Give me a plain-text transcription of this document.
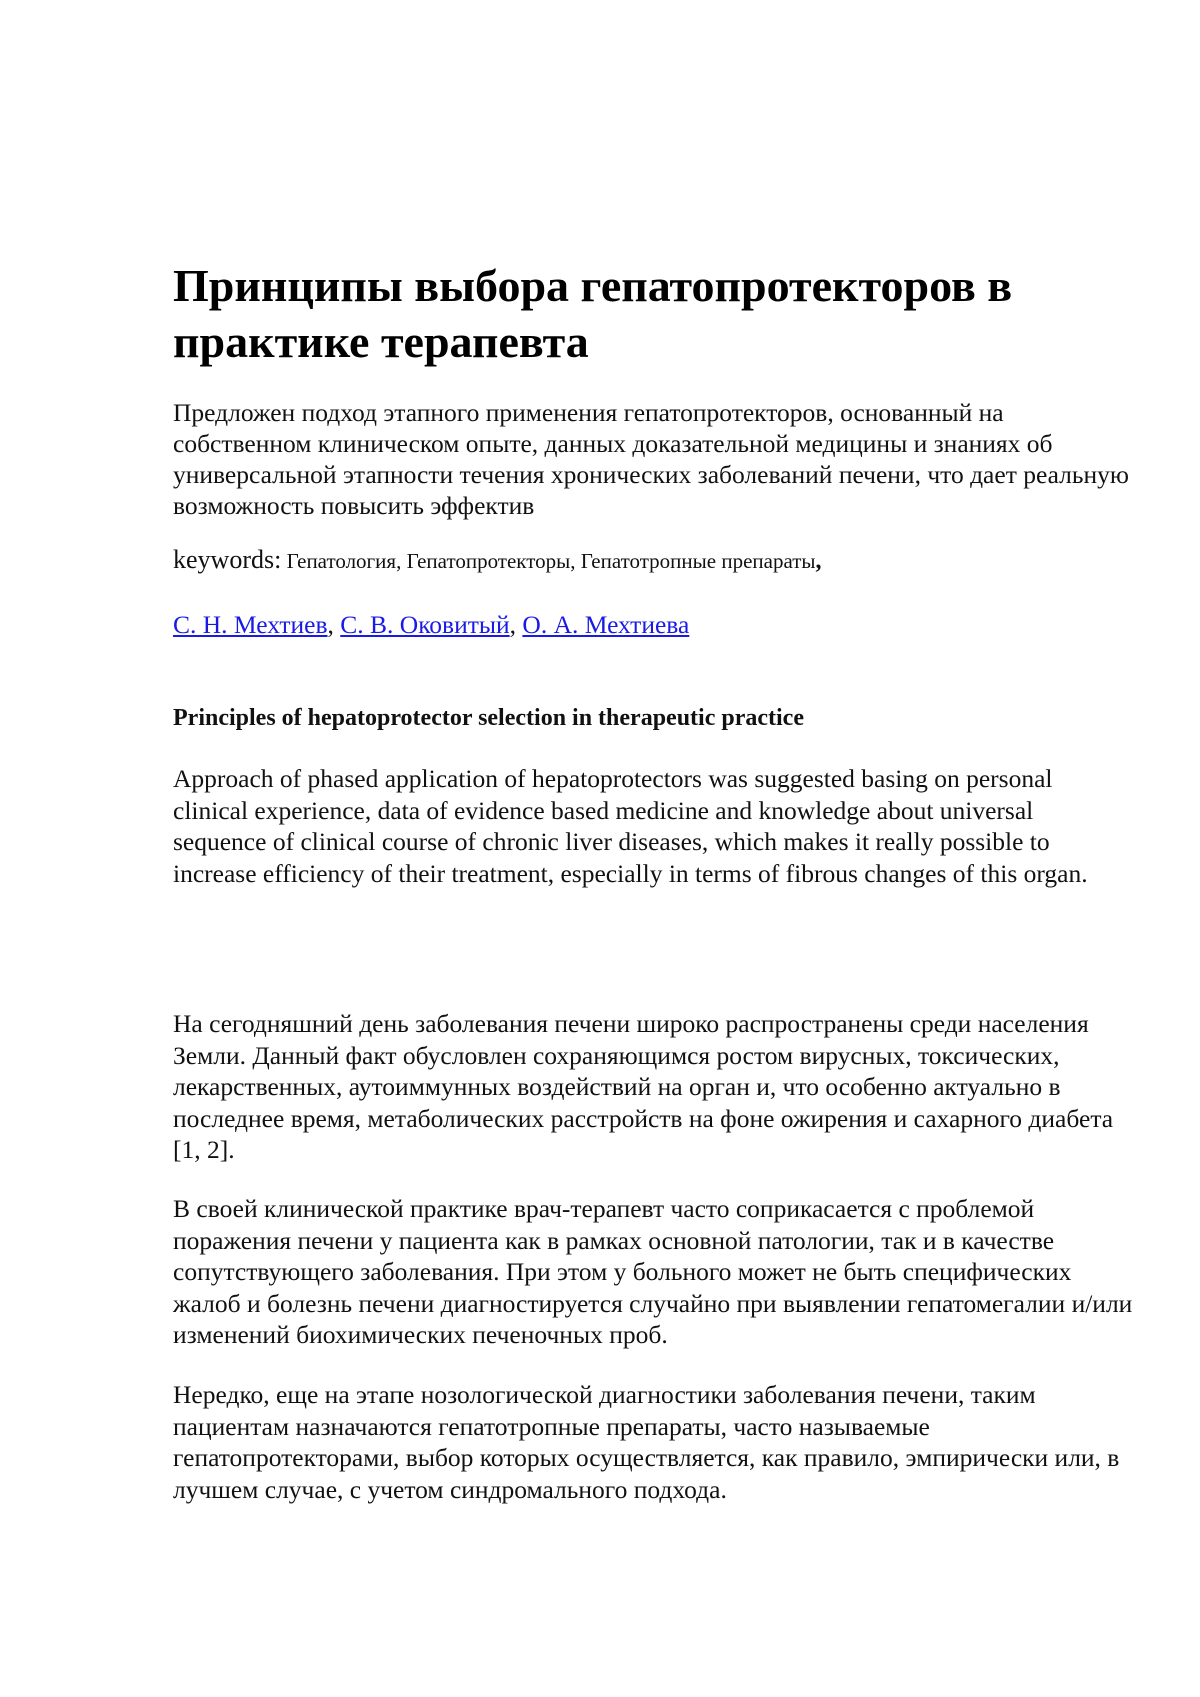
Принципы выбора гепатопротекторов в практике терапевта

Предложен подход этапного применения гепатопротекторов, основанный на собственном клиническом опыте, данных доказательной медицины и знаниях об универсальной этапности течения хронических заболеваний печени, что дает реальную возможность повысить эффектив

keywords: Гепатология, Гепатопротекторы, Гепатотропные препараты,

С. Н. Мехтиев, С. В. Оковитый, О. А. Мехтиева

Principles of hepatoprotector selection in therapeutic practice

Approach of phased application of hepatoprotectors was suggested basing on personal clinical experience, data of evidence based medicine and knowledge about universal sequence of clinical course of chronic liver diseases, which makes it really possible to increase efficiency of their treatment, especially in terms of fibrous changes of this organ.

На сегодняшний день заболевания печени широко распространены среди населения Земли. Данный факт обусловлен сохраняющимся ростом вирусных, токсических, лекарственных, аутоиммунных воздействий на орган и, что особенно актуально в последнее время, метаболических расстройств на фоне ожирения и сахарного диабета [1, 2].

В своей клинической практике врач-терапевт часто соприкасается с проблемой поражения печени у пациента как в рамках основной патологии, так и в качестве сопутствующего заболевания. При этом у больного может не быть специфических жалоб и болезнь печени диагностируется случайно при выявлении гепатомегалии и/или изменений биохимических печеночных проб.

Нередко, еще на этапе нозологической диагностики заболевания печени, таким пациентам назначаются гепатотропные препараты, часто называемые гепатопротекторами, выбор которых осуществляется, как правило, эмпирически или, в лучшем случае, с учетом синдромального подхода.
